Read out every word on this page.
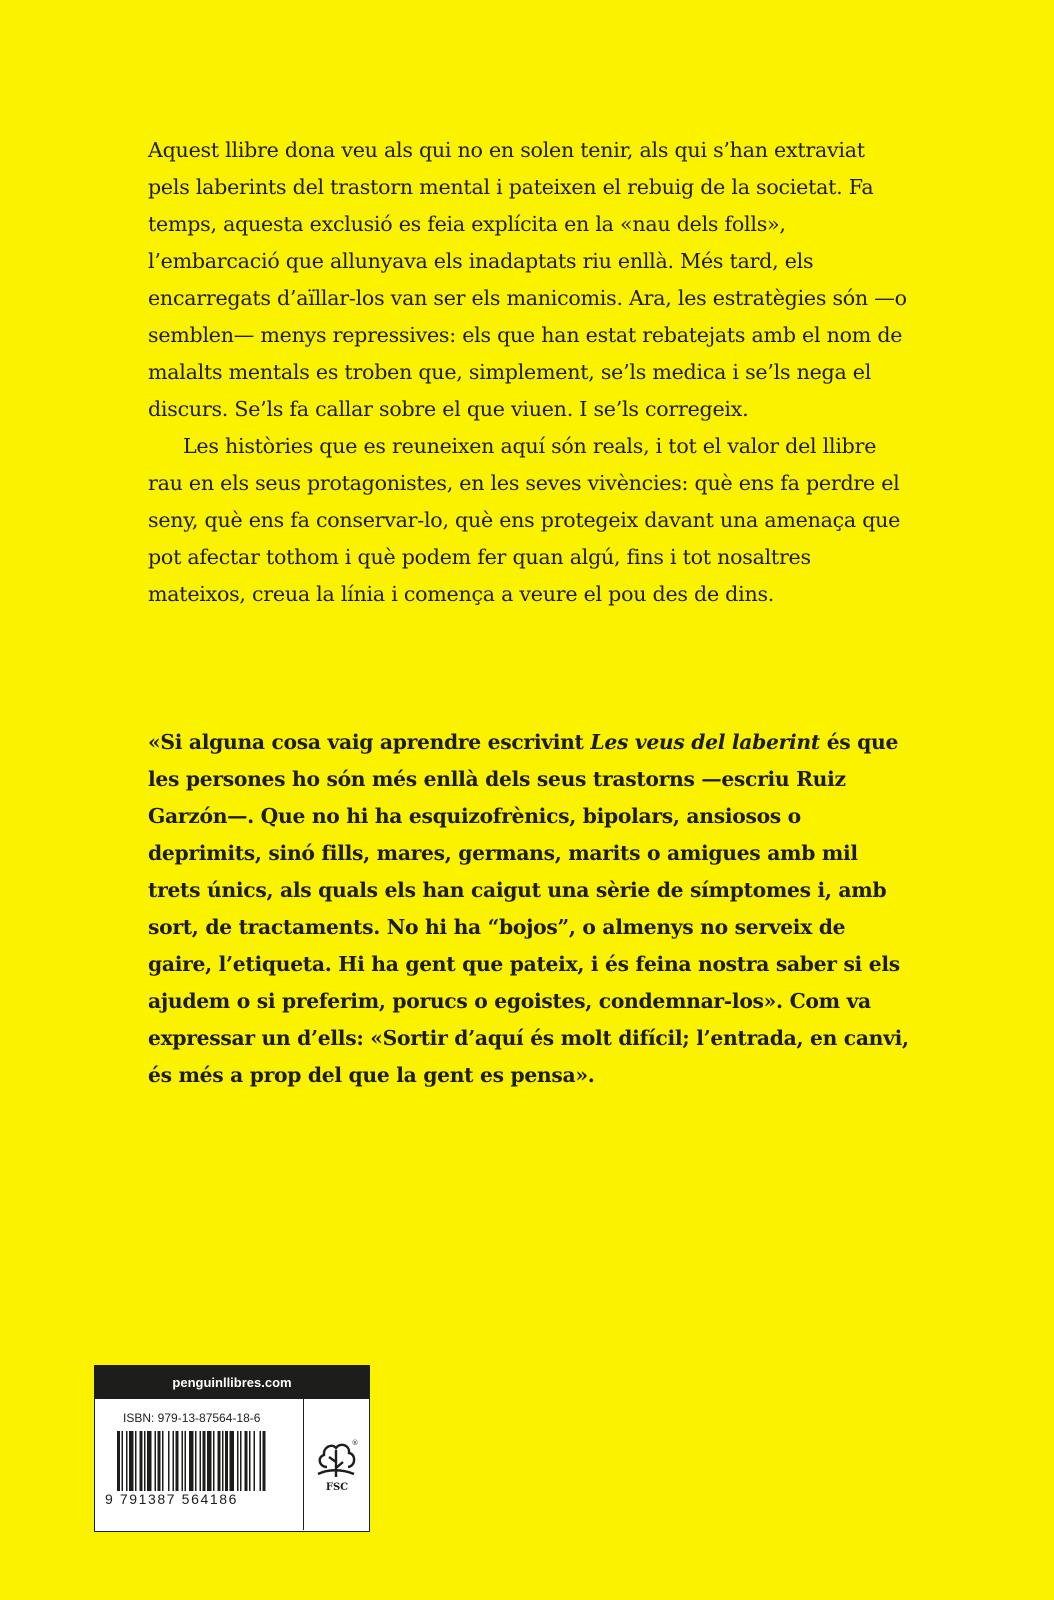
Aquest llibre dona veu als qui no en solen tenir, als qui s’han extraviat pels laberints del trastorn mental i pateixen el rebuig de la societat. Fa temps, aquesta exclusió es feia explícita en la «nau dels folls», l’embarcació que allunyava els inadaptats riu enllà. Més tard, els encarregats d’aïllar-los van ser els manicomis. Ara, les estratègies són —o semblen— menys repressives: els que han estat rebatejats amb el nom de malalts mentals es troben que, simplement, se’ls medica i se’ls nega el discurs. Se’ls fa callar sobre el que viuen. I se’ls corregeix.

Les històries que es reuneixen aquí són reals, i tot el valor del llibre rau en els seus protagonistes, en les seves vivències: què ens fa perdre el seny, què ens fa conservar-lo, què ens protegeix davant una amenaça que pot afectar tothom i què podem fer quan algú, fins i tot nosaltres mateixos, creua la línia i comença a veure el pou des de dins.

«Si alguna cosa vaig aprendre escrivint Les veus del laberint és que les persones ho són més enllà dels seus trastorns —escriu Ruiz Garzón—. Que no hi ha esquizofrènics, bipolars, ansiosos o deprimits, sinó fills, mares, germans, marits o amigues amb mil trets únics, als quals els han caigut una sèrie de símptomes i, amb sort, de tractaments. No hi ha “bojos”, o almenys no serveix de gaire, l’etiqueta. Hi ha gent que pateix, i és feina nostra saber si els ajudem o si preferim, porucs o egoistes, condemnar-los». Com va expressar un d’ells: «Sortir d’aquí és molt difícil; l’entrada, en canvi, és més a prop del que la gent es pensa».

penguinllibres.com
ISBN: 979-13-87564-18-6
9 791387 564186
FSC
®
